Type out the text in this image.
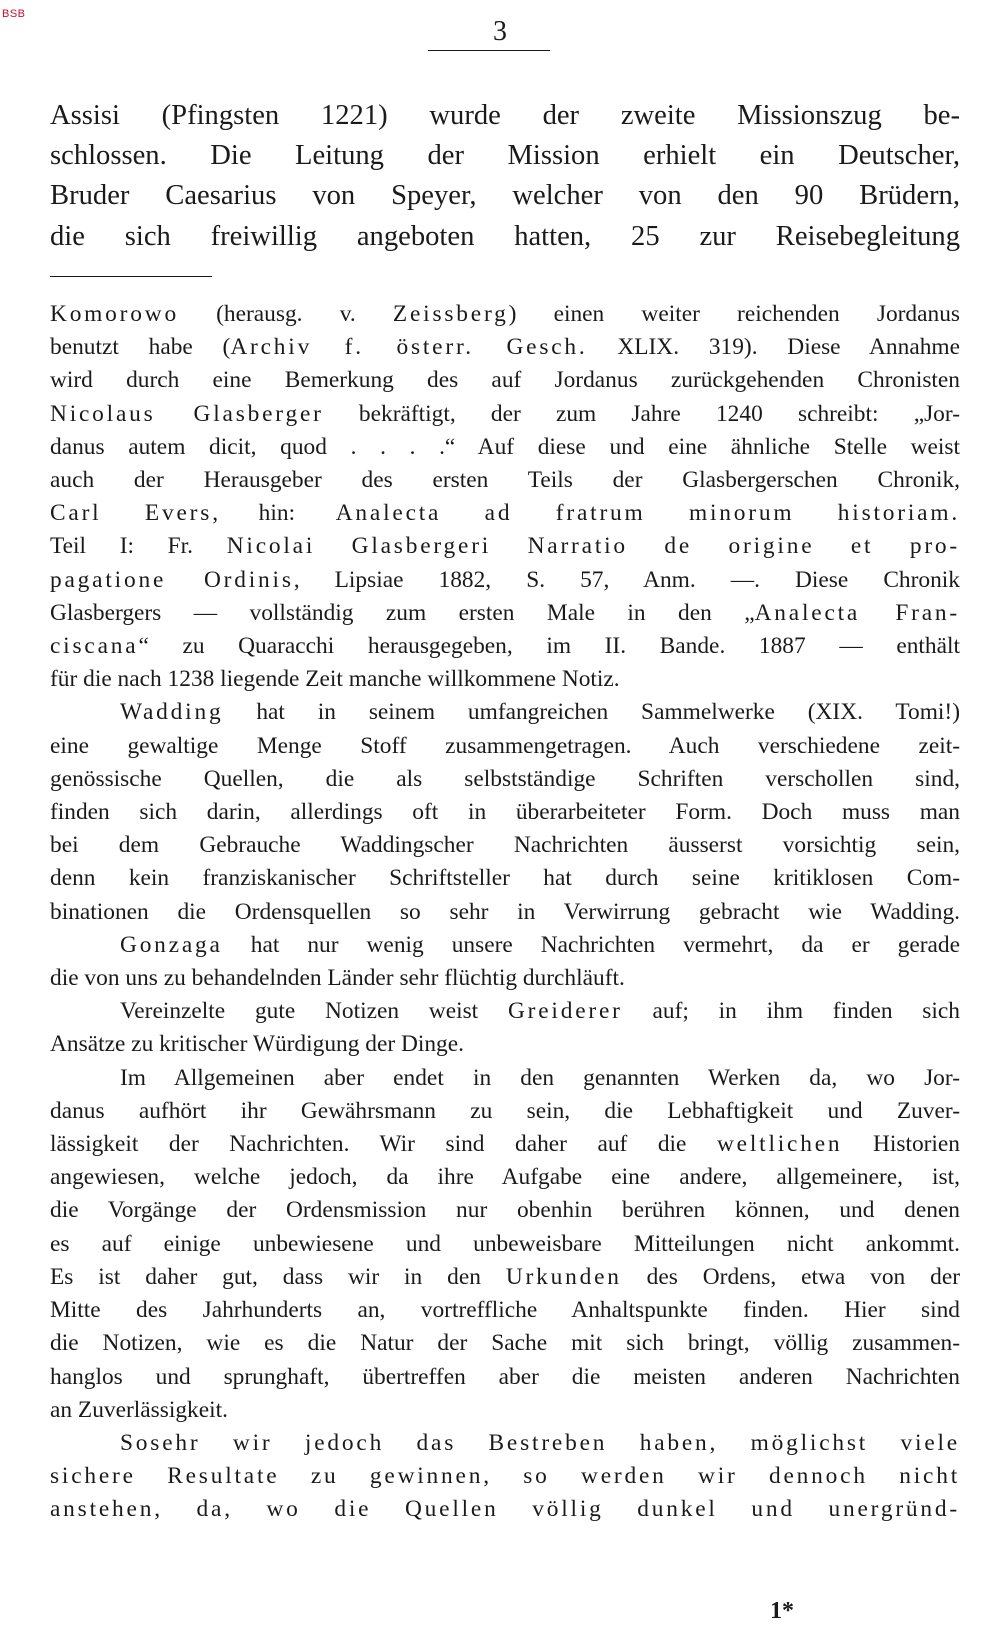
BSB
3
Assisi (Pfingsten 1221) wurde der zweite Missionszug be-
schlossen. Die Leitung der Mission erhielt ein Deutscher,
Bruder Caesarius von Speyer, welcher von den 90 Brüdern,
die sich freiwillig angeboten hatten, 25 zur Reisebegleitung
Komorowo (herausg. v. Zeissberg) einen weiter reichenden Jordanus
benutzt habe (Archiv f. österr. Gesch. XLIX. 319). Diese Annahme
wird durch eine Bemerkung des auf Jordanus zurückgehenden Chronisten
Nicolaus Glasberger bekräftigt, der zum Jahre 1240 schreibt: „Jor-
danus autem dicit, quod . . . .“ Auf diese und eine ähnliche Stelle weist
auch der Herausgeber des ersten Teils der Glasbergerschen Chronik,
Carl Evers, hin: Analecta ad fratrum minorum historiam.
Teil I: Fr. Nicolai Glasbergeri Narratio de origine et pro-
pagatione Ordinis, Lipsiae 1882, S. 57, Anm. —. Diese Chronik
Glasbergers — vollständig zum ersten Male in den „Analecta Fran-
ciscana“ zu Quaracchi herausgegeben, im II. Bande. 1887 — enthält
für die nach 1238 liegende Zeit manche willkommene Notiz.
Wadding hat in seinem umfangreichen Sammelwerke (XIX. Tomi!)
eine gewaltige Menge Stoff zusammengetragen. Auch verschiedene zeit-
genössische Quellen, die als selbstständige Schriften verschollen sind,
finden sich darin, allerdings oft in überarbeiteter Form. Doch muss man
bei dem Gebrauche Waddingscher Nachrichten äusserst vorsichtig sein,
denn kein franziskanischer Schriftsteller hat durch seine kritiklosen Com-
binationen die Ordensquellen so sehr in Verwirrung gebracht wie Wadding.
Gonzaga hat nur wenig unsere Nachrichten vermehrt, da er gerade
die von uns zu behandelnden Länder sehr flüchtig durchläuft.
Vereinzelte gute Notizen weist Greiderer auf; in ihm finden sich
Ansätze zu kritischer Würdigung der Dinge.
Im Allgemeinen aber endet in den genannten Werken da, wo Jor-
danus aufhört ihr Gewährsmann zu sein, die Lebhaftigkeit und Zuver-
lässigkeit der Nachrichten. Wir sind daher auf die weltlichen Historien
angewiesen, welche jedoch, da ihre Aufgabe eine andere, allgemeinere, ist,
die Vorgänge der Ordensmission nur obenhin berühren können, und denen
es auf einige unbewiesene und unbeweisbare Mitteilungen nicht ankommt.
Es ist daher gut, dass wir in den Urkunden des Ordens, etwa von der
Mitte des Jahrhunderts an, vortreffliche Anhaltspunkte finden. Hier sind
die Notizen, wie es die Natur der Sache mit sich bringt, völlig zusammen-
hanglos und sprunghaft, übertreffen aber die meisten anderen Nachrichten
an Zuverlässigkeit.
Sosehr wir jedoch das Bestreben haben, möglichst viele
sichere Resultate zu gewinnen, so werden wir dennoch nicht
anstehen, da, wo die Quellen völlig dunkel und unergründ-
1*
